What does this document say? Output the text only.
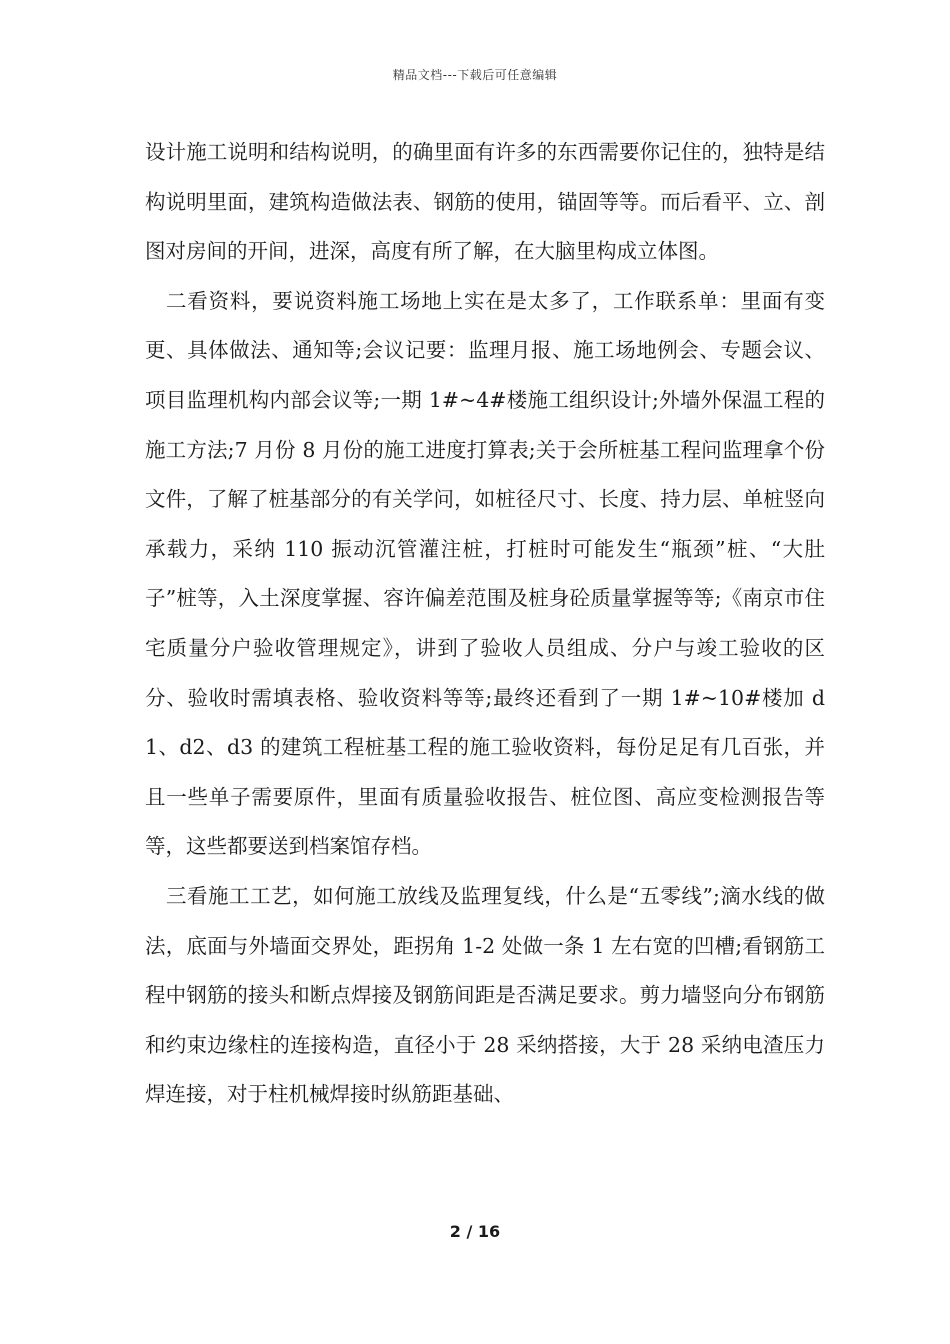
精品文档---下载后可任意编辑

设计施工说明和结构说明，的确里面有许多的东西需要你记住的，独特是结构说明里面，建筑构造做法表、钢筋的使用，锚固等等。而后看平、立、剖图对房间的开间，进深，高度有所了解，在大脑里构成立体图。

二看资料，要说资料施工场地上实在是太多了，工作联系单：里面有变更、具体做法、通知等;会议记要：监理月报、施工场地例会、专题会议、项目监理机构内部会议等;一期 1#~4#楼施工组织设计;外墙外保温工程的施工方法;7 月份 8 月份的施工进度打算表;关于会所桩基工程问监理拿个份文件，了解了桩基部分的有关学问，如桩径尺寸、长度、持力层、单桩竖向承载力，采纳 110 振动沉管灌注桩，打桩时可能发生“瓶颈”桩、“大肚子”桩等，入土深度掌握、容许偏差范围及桩身砼质量掌握等等;《南京市住宅质量分户验收管理规定》，讲到了验收人员组成、分户与竣工验收的区分、验收时需填表格、验收资料等等;最终还看到了一期 1#~10#楼加 d1、d2、d3 的建筑工程桩基工程的施工验收资料，每份足足有几百张，并且一些单子需要原件，里面有质量验收报告、桩位图、高应变检测报告等等，这些都要送到档案馆存档。

三看施工工艺，如何施工放线及监理复线，什么是“五零线”;滴水线的做法，底面与外墙面交界处，距拐角 1-2 处做一条 1 左右宽的凹槽;看钢筋工程中钢筋的接头和断点焊接及钢筋间距是否满足要求。剪力墙竖向分布钢筋和约束边缘柱的连接构造，直径小于 28 采纳搭接，大于 28 采纳电渣压力焊连接，对于柱机械焊接时纵筋距基础、

2 / 16
